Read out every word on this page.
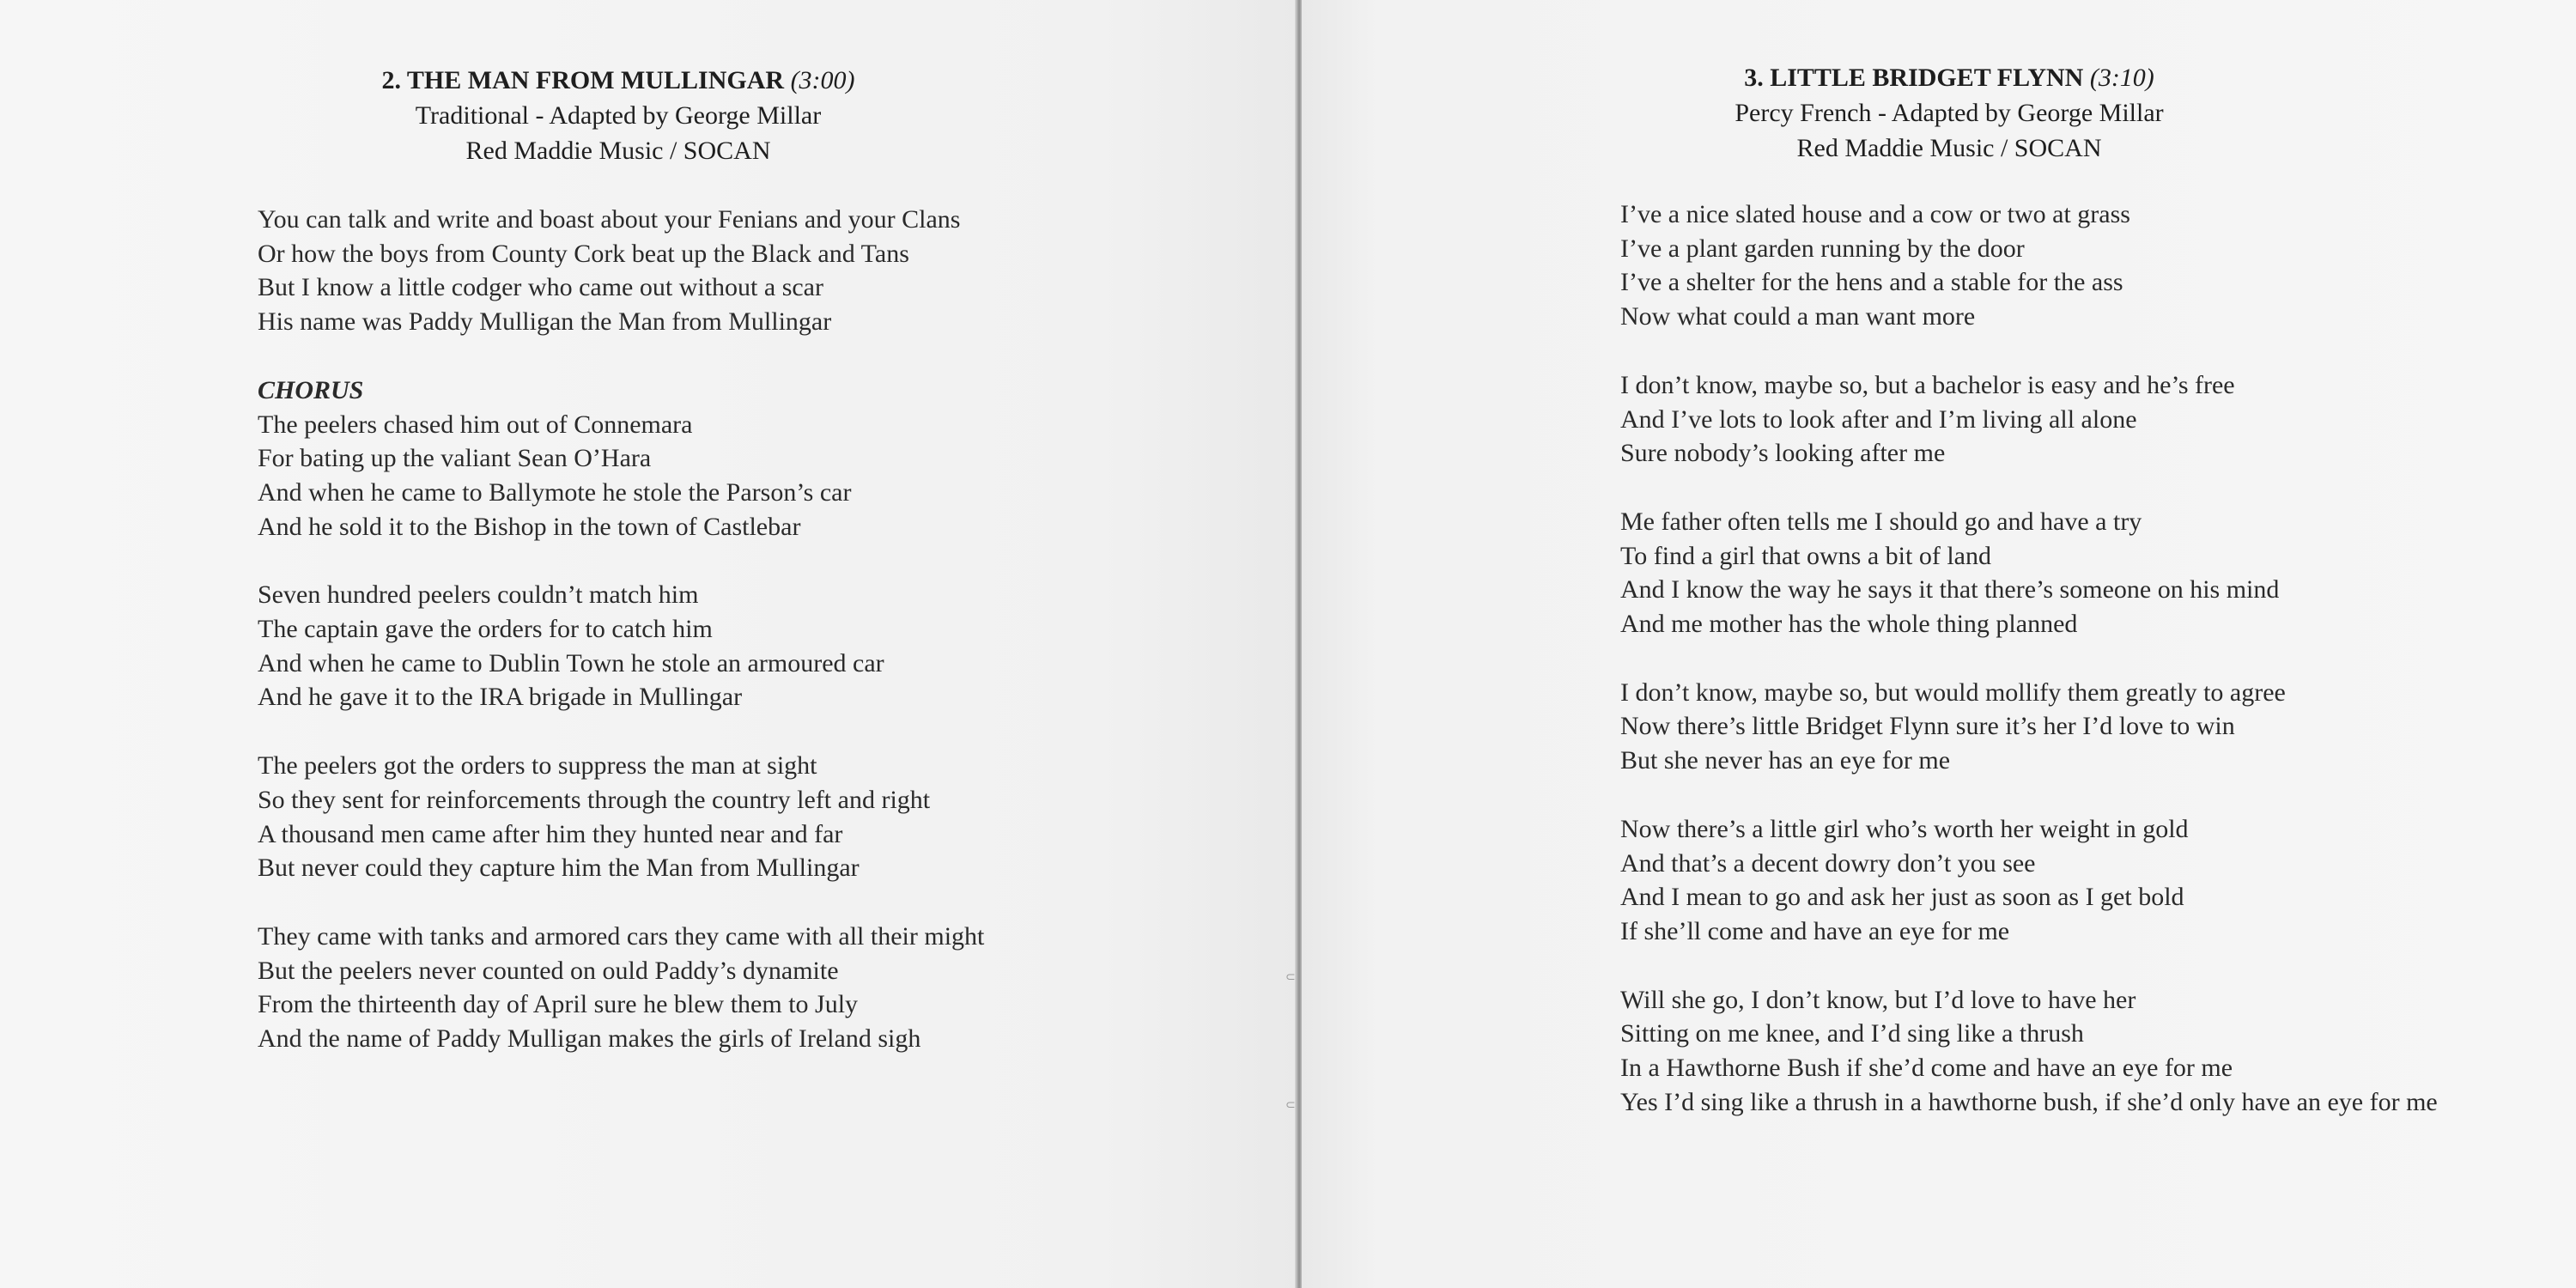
2. THE MAN FROM MULLINGAR (3:00)
Traditional - Adapted by George Millar
Red Maddie Music / SOCAN
You can talk and write and boast about your Fenians and your Clans
Or how the boys from County Cork beat up the Black and Tans
But I know a little codger who came out without a scar
His name was Paddy Mulligan the Man from Mullingar
CHORUS
The peelers chased him out of Connemara
For bating up the valiant Sean O’Hara
And when he came to Ballymote he stole the Parson’s car
And he sold it to the Bishop in the town of Castlebar
Seven hundred peelers couldn’t match him
The captain gave the orders for to catch him
And when he came to Dublin Town he stole an armoured car
And he gave it to the IRA brigade in Mullingar
The peelers got the orders to suppress the man at sight
So they sent for reinforcements through the country left and right
A thousand men came after him they hunted near and far
But never could they capture him the Man from Mullingar
They came with tanks and armored cars they came with all their might
But the peelers never counted on ould Paddy’s dynamite
From the thirteenth day of April sure he blew them to July
And the name of Paddy Mulligan makes the girls of Ireland sigh
⊂
⊂
3. LITTLE BRIDGET FLYNN (3:10)
Percy French - Adapted by George Millar
Red Maddie Music / SOCAN
I’ve a nice slated house and a cow or two at grass
I’ve a plant garden running by the door
I’ve a shelter for the hens and a stable for the ass
Now what could a man want more
I don’t know, maybe so, but a bachelor is easy and he’s free
And I’ve lots to look after and I’m living all alone
Sure nobody’s looking after me
Me father often tells me I should go and have a try
To find a girl that owns a bit of land
And I know the way he says it that there’s someone on his mind
And me mother has the whole thing planned
I don’t know, maybe so, but would mollify them greatly to agree
Now there’s little Bridget Flynn sure it’s her I’d love to win
But she never has an eye for me
Now there’s a little girl who’s worth her weight in gold
And that’s a decent dowry don’t you see
And I mean to go and ask her just as soon as I get bold
If she’ll come and have an eye for me
Will she go, I don’t know, but I’d love to have her
Sitting on me knee, and I’d sing like a thrush
In a Hawthorne Bush if she’d come and have an eye for me
Yes I’d sing like a thrush in a hawthorne bush, if she’d only have an eye for me
